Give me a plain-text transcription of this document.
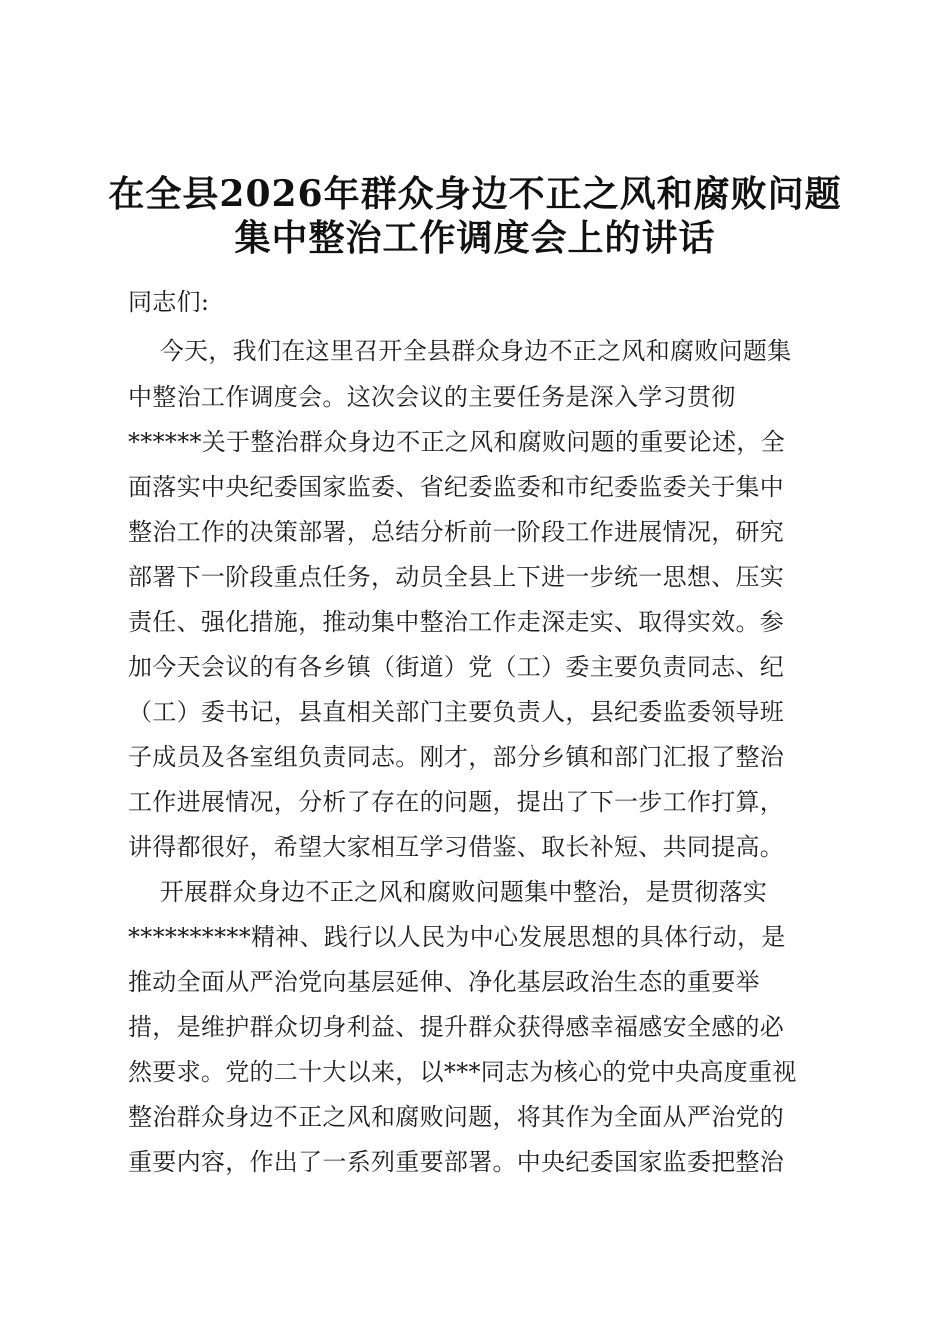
在全县2026年群众身边不正之风和腐败问题
集中整治工作调度会上的讲话
同志们:
今天，我们在这里召开全县群众身边不正之风和腐败问题集
中整治工作调度会。这次会议的主要任务是深入学习贯彻
******关于整治群众身边不正之风和腐败问题的重要论述，全
面落实中央纪委国家监委、省纪委监委和市纪委监委关于集中
整治工作的决策部署，总结分析前一阶段工作进展情况，研究
部署下一阶段重点任务，动员全县上下进一步统一思想、压实
责任、强化措施，推动集中整治工作走深走实、取得实效。参
加今天会议的有各乡镇（街道）党（工）委主要负责同志、纪
（工）委书记，县直相关部门主要负责人，县纪委监委领导班
子成员及各室组负责同志。刚才，部分乡镇和部门汇报了整治
工作进展情况，分析了存在的问题，提出了下一步工作打算，
讲得都很好，希望大家相互学习借鉴、取长补短、共同提高。
开展群众身边不正之风和腐败问题集中整治，是贯彻落实
**********精神、践行以人民为中心发展思想的具体行动，是
推动全面从严治党向基层延伸、净化基层政治生态的重要举
措，是维护群众切身利益、提升群众获得感幸福感安全感的必
然要求。党的二十大以来，以***同志为核心的党中央高度重视
整治群众身边不正之风和腐败问题，将其作为全面从严治党的
重要内容，作出了一系列重要部署。中央纪委国家监委把整治
